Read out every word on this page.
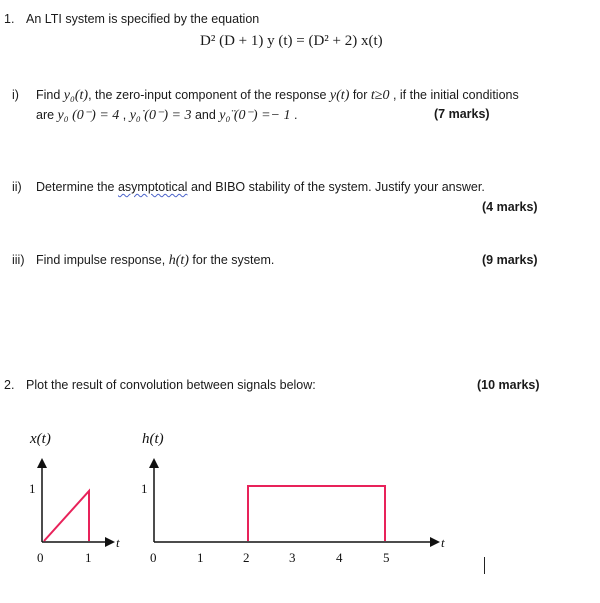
1. An LTI system is specified by the equation
D² (D + 1) y (t) = (D² + 2) x(t)
i) Find y₀(t), the zero-input component of the response y(t) for t≥0 , if the initial conditions
are y₀ (0⁻) = 4 , y₀̇ (0⁻) = 3 and y₀̈ (0⁻) =− 1 .	(7 marks)
ii) Determine the asymptotical and BIBO stability of the system. Justify your answer.
(4 marks)
iii) Find impulse response, h(t) for the system.	(9 marks)
2. Plot the result of convolution between signals below:	(10 marks)
x(t)
1
0	1
t
h(t)
1
0	1	2	3	4	5
t
